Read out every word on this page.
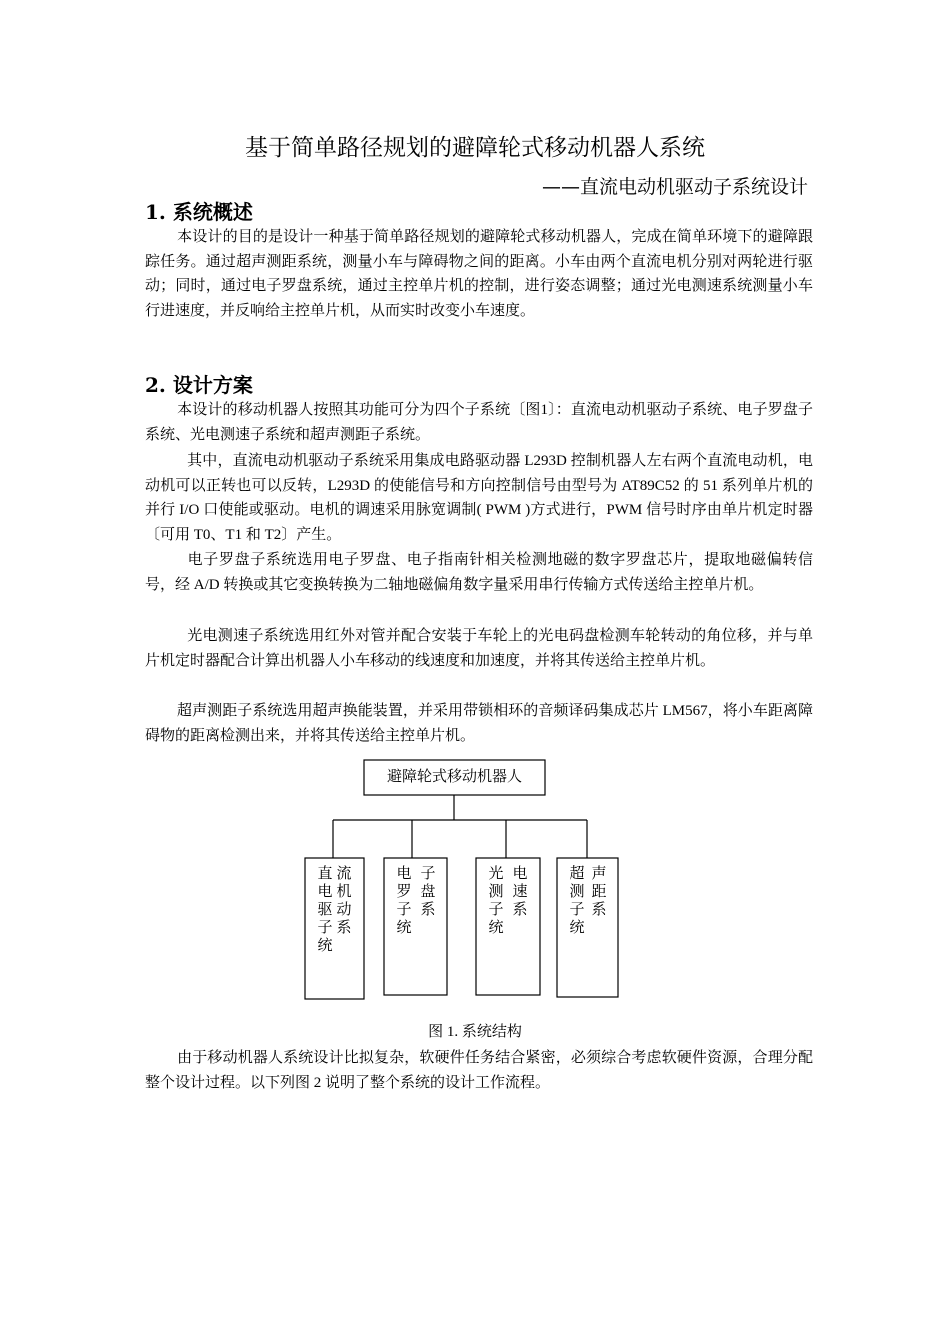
基于简单路径规划的避障轮式移动机器人系统
——直流电动机驱动子系统设计
1. 系统概述
本设计的目的是设计一种基于简单路径规划的避障轮式移动机器人，完成在简单环境下的避障跟踪任务。通过超声测距系统，测量小车与障碍物之间的距离。小车由两个直流电机分别对两轮进行驱动；同时，通过电子罗盘系统，通过主控单片机的控制，进行姿态调整；通过光电测速系统测量小车行进速度，并反响给主控单片机，从而实时改变小车速度。
2. 设计方案
本设计的移动机器人按照其功能可分为四个子系统〔图1〕：直流电动机驱动子系统、电子罗盘子系统、光电测速子系统和超声测距子系统。
其中，直流电动机驱动子系统采用集成电路驱动器 L293D 控制机器人左右两个直流电动机，电动机可以正转也可以反转，L293D 的使能信号和方向控制信号由型号为 AT89C52 的 51 系列单片机的并行 I/O 口使能或驱动。电机的调速采用脉宽调制( PWM )方式进行，PWM 信号时序由单片机定时器〔可用 T0、T1 和 T2〕产生。
电子罗盘子系统选用电子罗盘、电子指南针相关检测地磁的数字罗盘芯片，提取地磁偏转信号，经 A/D 转换或其它变换转换为二轴地磁偏角数字量采用串行传输方式传送给主控单片机。
光电测速子系统选用红外对管并配合安装于车轮上的光电码盘检测车轮转动的角位移，并与单片机定时器配合计算出机器人小车移动的线速度和加速度，并将其传送给主控单片机。
超声测距子系统选用超声换能装置，并采用带锁相环的音频译码集成芯片 LM567，将小车距离障碍物的距离检测出来，并将其传送给主控单片机。
避障轮式移动机器人
直电驱子统
流机动系
电罗子统
子盘系
光测子统
电速系
超测子统
声距系
图 1. 系统结构
由于移动机器人系统设计比拟复杂，软硬件任务结合紧密，必须综合考虑软硬件资源，合理分配整个设计过程。以下列图 2 说明了整个系统的设计工作流程。
